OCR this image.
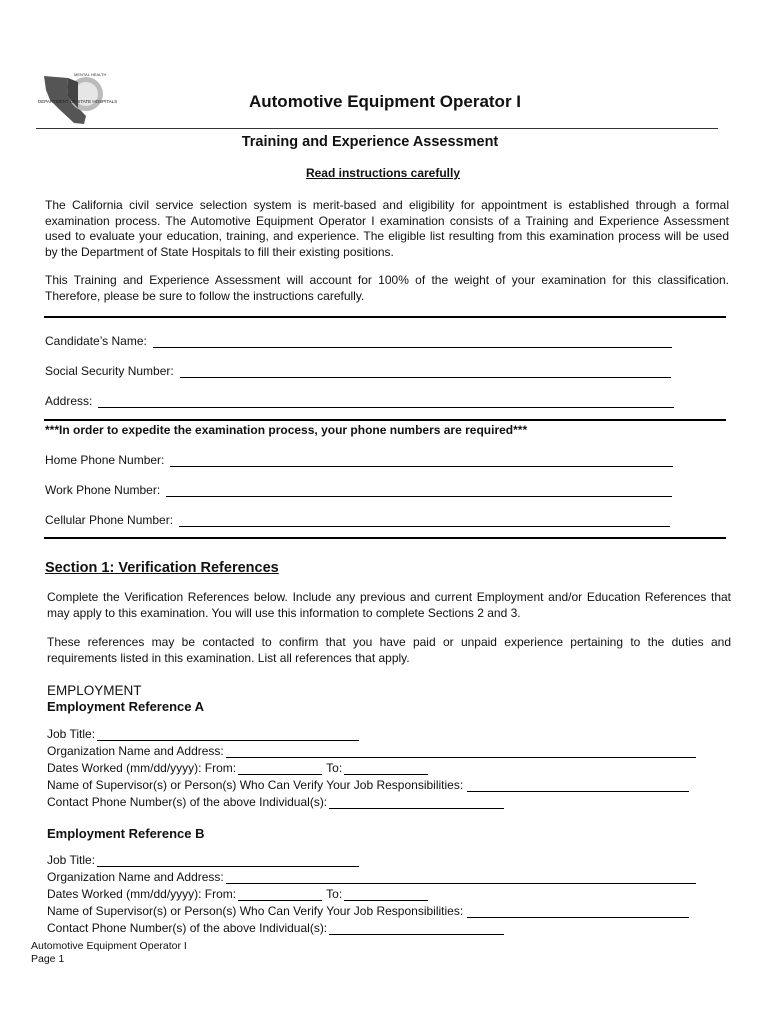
DEPARTMENT OF STATE HOSPITALS
MENTAL HEALTH
Automotive Equipment Operator I
Training and Experience Assessment
Read instructions carefully
The California civil service selection system is merit-based and eligibility for appointment is established through a formal examination process. The Automotive Equipment Operator I examination consists of a Training and Experience Assessment used to evaluate your education, training, and experience. The eligible list resulting from this examination process will be used by the Department of State Hospitals to fill their existing positions.
This Training and Experience Assessment will account for 100% of the weight of your examination for this classification. Therefore, please be sure to follow the instructions carefully.
Candidate’s Name:
Social Security Number:
Address:
***In order to expedite the examination process, your phone numbers are required***
Home Phone Number:
Work Phone Number:
Cellular Phone Number:
Section 1: Verification References
Complete the Verification References below. Include any previous and current Employment and/or Education References that may apply to this examination. You will use this information to complete Sections 2 and 3.
These references may be contacted to confirm that you have paid or unpaid experience pertaining to the duties and requirements listed in this examination. List all references that apply.
EMPLOYMENT
Employment Reference A
Job Title:
Organization Name and Address:
Dates Worked (mm/dd/yyyy): From:	To:
Name of Supervisor(s) or Person(s) Who Can Verify Your Job Responsibilities:
Contact Phone Number(s) of the above Individual(s):
Employment Reference B
Job Title:
Organization Name and Address:
Dates Worked (mm/dd/yyyy): From:	To:
Name of Supervisor(s) or Person(s) Who Can Verify Your Job Responsibilities:
Contact Phone Number(s) of the above Individual(s):
Automotive Equipment Operator I
Page 1
